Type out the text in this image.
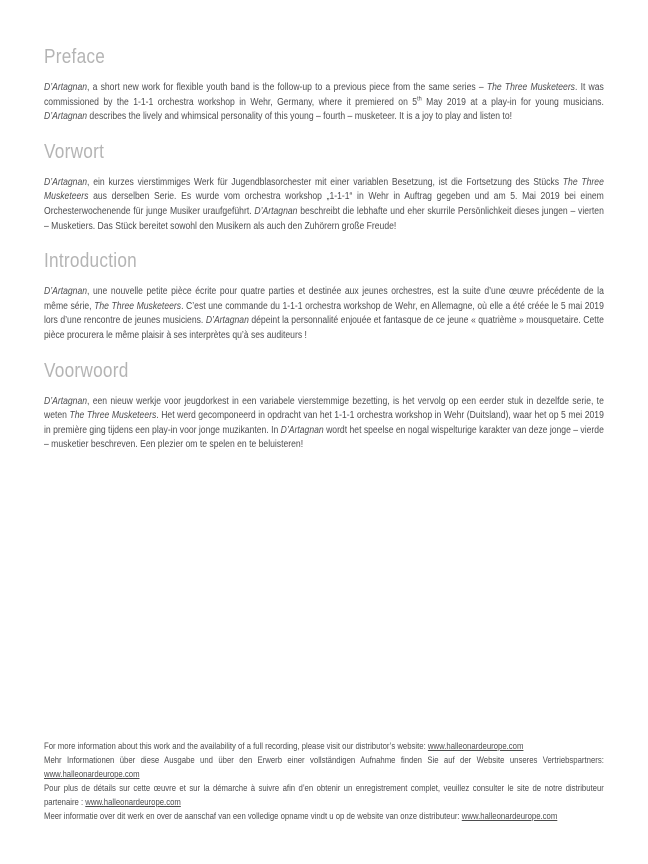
Preface

D’Artagnan, a short new work for flexible youth band is the follow-up to a previous piece from the same series – The Three Musketeers. It was commissioned by the 1-1-1 orchestra workshop in Wehr, Germany, where it premiered on 5th May 2019 at a play-in for young musicians. D’Artagnan describes the lively and whimsical personality of this young – fourth – musketeer. It is a joy to play and listen to!

Vorwort

D’Artagnan, ein kurzes vierstimmiges Werk für Jugendblasorchester mit einer variablen Besetzung, ist die Fortsetzung des Stücks The Three Musketeers aus derselben Serie. Es wurde vom orchestra workshop „1-1-1“ in Wehr in Auftrag gegeben und am 5. Mai 2019 bei einem Orchesterwochenende für junge Musiker uraufgeführt. D’Artagnan beschreibt die lebhafte und eher skurrile Persönlichkeit dieses jungen – vierten – Musketiers. Das Stück bereitet sowohl den Musikern als auch den Zuhörern große Freude!

Introduction

D’Artagnan, une nouvelle petite pièce écrite pour quatre parties et destinée aux jeunes orchestres, est la suite d’une œuvre précédente de la même série, The Three Musketeers. C’est une commande du 1-1-1 orchestra workshop de Wehr, en Allemagne, où elle a été créée le 5 mai 2019 lors d’une rencontre de jeunes musiciens. D’Artagnan dépeint la personnalité enjouée et fantasque de ce jeune « quatrième » mousquetaire. Cette pièce procurera le même plaisir à ses interprètes qu’à ses auditeurs !

Voorwoord

D’Artagnan, een nieuw werkje voor jeugdorkest in een variabele vierstemmige bezetting, is het vervolg op een eerder stuk in dezelfde serie, te weten The Three Musketeers. Het werd gecomponeerd in opdracht van het 1-1-1 orchestra workshop in Wehr (Duitsland), waar het op 5 mei 2019 in première ging tijdens een play-in voor jonge muzikanten. In D’Artagnan wordt het speelse en nogal wispelturige karakter van deze jonge – vierde – musketier beschreven. Een plezier om te spelen en te beluisteren!

For more information about this work and the availability of a full recording, please visit our distributor’s website: www.halleonardeurope.com

Mehr Informationen über diese Ausgabe und über den Erwerb einer vollständigen Aufnahme finden Sie auf der Website unseres Vertriebspartners: www.halleonardeurope.com

Pour plus de détails sur cette œuvre et sur la démarche à suivre afin d’en obtenir un enregistrement complet, veuillez consulter le site de notre distributeur partenaire : www.halleonardeurope.com

Meer informatie over dit werk en over de aanschaf van een volledige opname vindt u op de website van onze distributeur: www.halleonardeurope.com
